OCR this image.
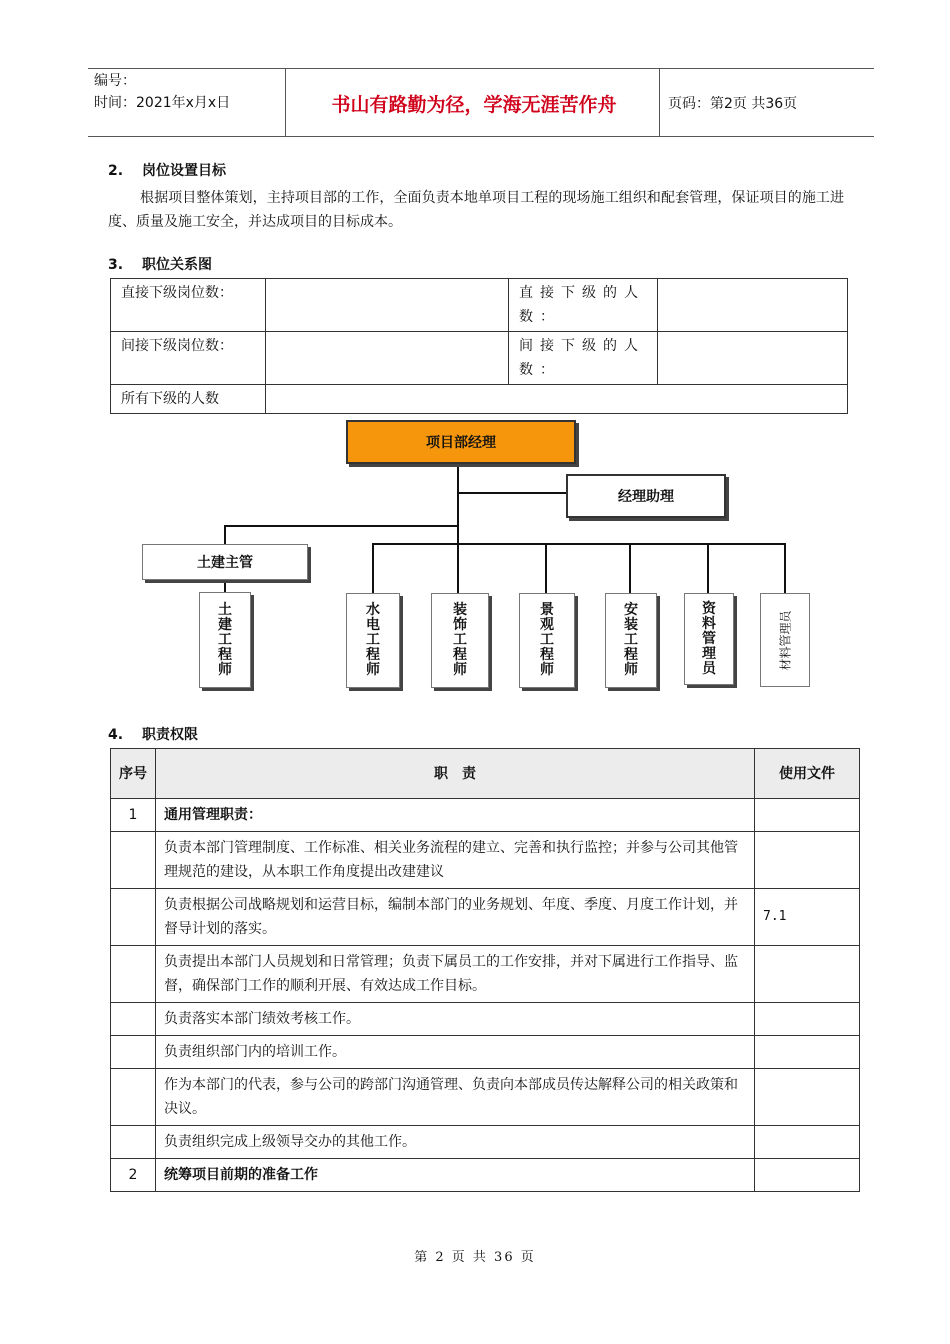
编号：
时间：2021年x月x日	书山有路勤为径，学海无涯苦作舟	页码：第2页 共36页
2. 岗位设置目标
根据项目整体策划，主持项目部的工作，全面负责本地单项目工程的现场施工组织和配套管理，保证项目的施工进度、质量及施工安全，并达成项目的目标成本。
3. 职位关系图
直接下级岗位数：		直接下级的人数：	
间接下级岗位数：		间接下级的人数：	
所有下级的人数			
项目部经理
经理助理
土建主管
土
建
工
程
师
水
电
工
程
师
装
饰
工
程
师
景
观
工
程
师
安
装
工
程
师
资
料
管
理
员	材料管理员
4. 职责权限
序号	职　责	使用文件
1	通用管理职责：	
	负责本部门管理制度、工作标准、相关业务流程的建立、完善和执行监控；并参与公司其他管理规范的建设，从本职工作角度提出改建建议	
	负责根据公司战略规划和运营目标，编制本部门的业务规划、年度、季度、月度工作计划，并督导计划的落实。	7.1
	负责提出本部门人员规划和日常管理；负责下属员工的工作安排，并对下属进行工作指导、监督，确保部门工作的顺利开展、有效达成工作目标。	
	负责落实本部门绩效考核工作。	
	负责组织部门内的培训工作。	
	作为本部门的代表，参与公司的跨部门沟通管理、负责向本部成员传达解释公司的相关政策和决议。	
	负责组织完成上级领导交办的其他工作。	
2	统筹项目前期的准备工作	
第 2 页 共 36 页
